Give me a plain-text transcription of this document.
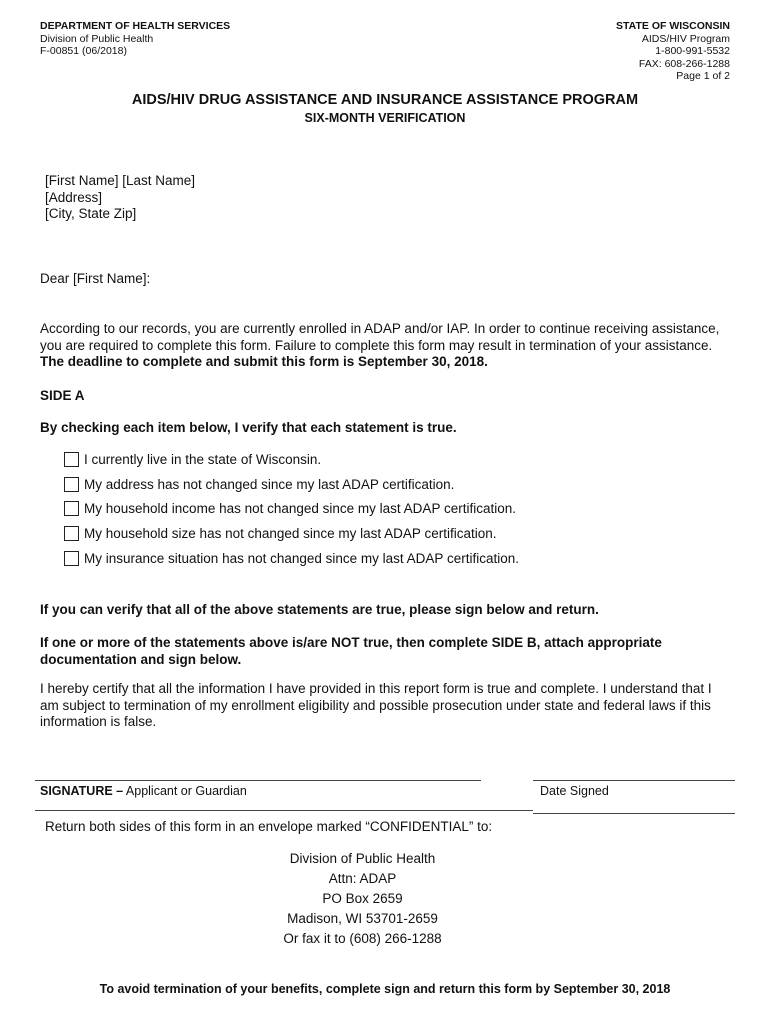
DEPARTMENT OF HEALTH SERVICES
Division of Public Health
F-00851 (06/2018)
STATE OF WISCONSIN
AIDS/HIV Program
1-800-991-5532
FAX: 608-266-1288
Page 1 of 2
AIDS/HIV DRUG ASSISTANCE AND INSURANCE ASSISTANCE PROGRAM
SIX-MONTH VERIFICATION
[First Name] [Last Name]
[Address]
[City, State Zip]
Dear [First Name]:
According to our records, you are currently enrolled in ADAP and/or IAP. In order to continue receiving assistance, you are required to complete this form. Failure to complete this form may result in termination of your assistance. The deadline to complete and submit this form is September 30, 2018.
SIDE A
By checking each item below, I verify that each statement is true.
I currently live in the state of Wisconsin.
My address has not changed since my last ADAP certification.
My household income has not changed since my last ADAP certification.
My household size has not changed since my last ADAP certification.
My insurance situation has not changed since my last ADAP certification.
If you can verify that all of the above statements are true, please sign below and return.
If one or more of the statements above is/are NOT true, then complete SIDE B, attach appropriate documentation and sign below.
I hereby certify that all the information I have provided in this report form is true and complete. I understand that I am subject to termination of my enrollment eligibility and possible prosecution under state and federal laws if this information is false.
SIGNATURE – Applicant or Guardian	Date Signed
Return both sides of this form in an envelope marked “CONFIDENTIAL” to:
Division of Public Health
Attn: ADAP
PO Box 2659
Madison, WI 53701-2659
Or fax it to (608) 266-1288
To avoid termination of your benefits, complete sign and return this form by September 30, 2018
